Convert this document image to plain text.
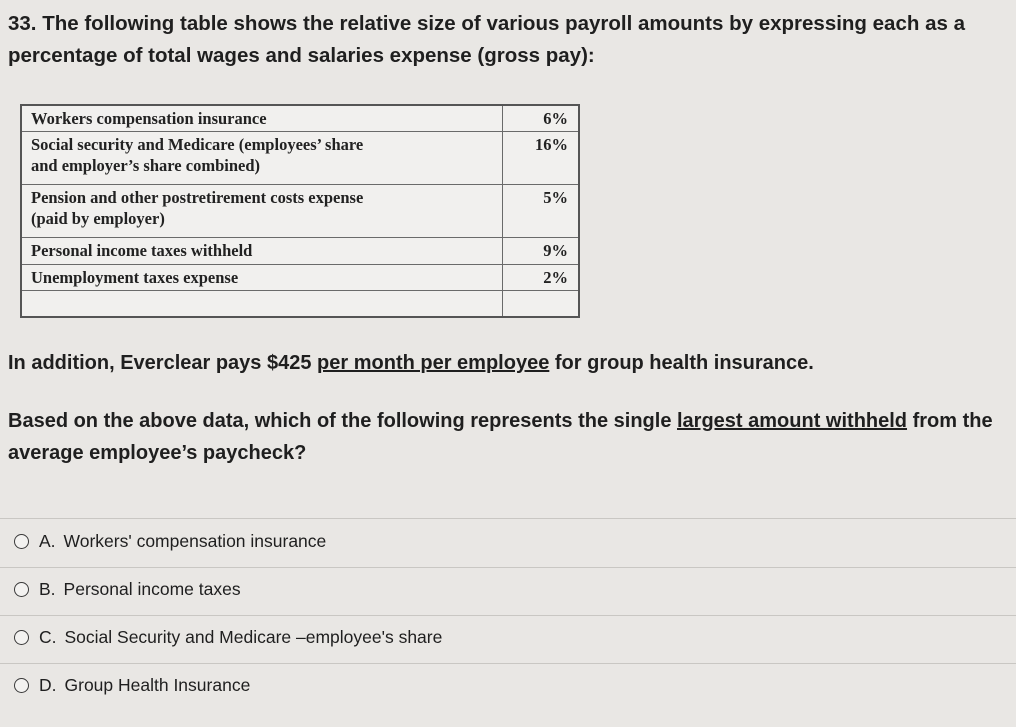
33. The following table shows the relative size of various payroll amounts by expressing each as a percentage of total wages and salaries expense (gross pay):

Workers compensation insurance	6%
Social security and Medicare (employees’ share
and employer’s share combined)	16%
Pension and other postretirement costs expense
(paid by employer)	5%
Personal income taxes withheld	9%
Unemployment taxes expense	2%

In addition, Everclear pays $425 per month per employee for group health insurance.

Based on the above data, which of the following represents the single largest amount withheld from the average employee’s paycheck?

A. Workers' compensation insurance
B. Personal income taxes
C. Social Security and Medicare –employee's share
D. Group Health Insurance
